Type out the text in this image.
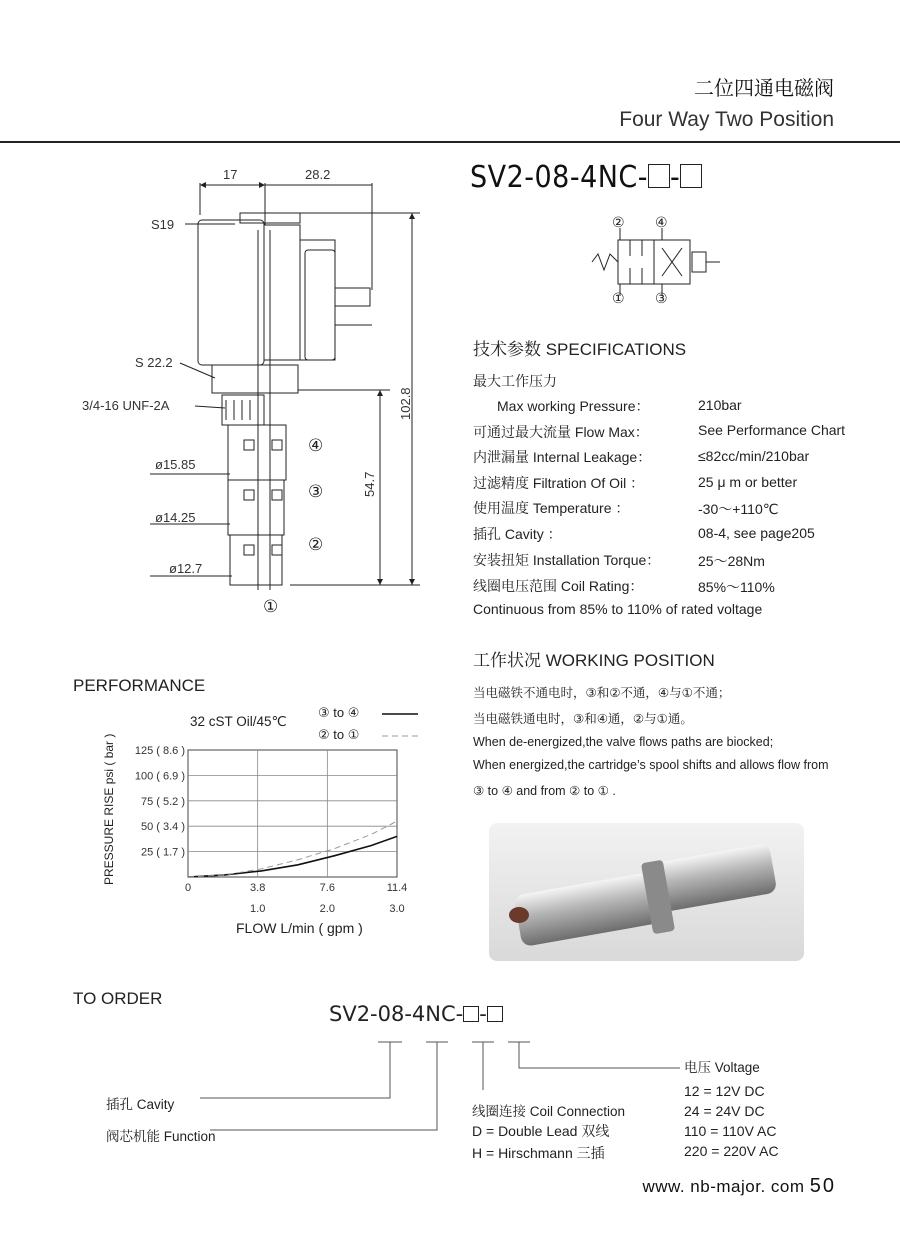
二位四通电磁阀
Four Way Two Position
SV2-08-4NC- -
17	28.2
S19
S 22.2
3/4-16 UNF-2A
ø15.85
ø14.25
ø12.7
102.8
54.7
④
③
②
①
② ④
① ③
技术参数 SPECIFICATIONS
最大工作压力
Max working Pressure：	210bar
可通过最大流量 Flow Max：	See Performance Chart
内泄漏量 Internal Leakage：	≤82cc/min/210bar
过滤精度 Filtration Of Oil ：	25 μ m or better
使用温度 Temperature ：	-30～+110℃
插孔 Cavity ：	08-4, see page205
安装扭矩 Installation Torque：	25～28Nm
线圈电压范围 Coil Rating：	85%～110%
Continuous from 85% to 110% of rated voltage
工作状况 WORKING POSITION
当电磁铁不通电时，③和②不通，④与①不通；
当电磁铁通电时，③和④通，②与①通。
When de-energized,the valve flows paths are biocked;
When energized,the cartridge’s spool shifts and allows flow from
③ to ④ and from ② to ① .
PERFORMANCE
32 cST Oil/45℃
③ to ④
② to ①
0	3.8	7.6	11.4
1.0	2.0	3.0
125 ( 8.6 )
100 ( 6.9 )
75 ( 5.2 )
50 ( 3.4 )
25 ( 1.7 )
PRESSURE RISE psi ( bar )
FLOW L/min ( gpm )
TO ORDER
SV2-08-4NC- -
插孔 Cavity
阀芯机能 Function
线圈连接 Coil Connection
D = Double Lead 双线
H = Hirschmann 三插
电压 Voltage
12 = 12V DC
24 = 24V DC
110 = 110V AC
220 = 220V AC
www. nb-major. com 50
